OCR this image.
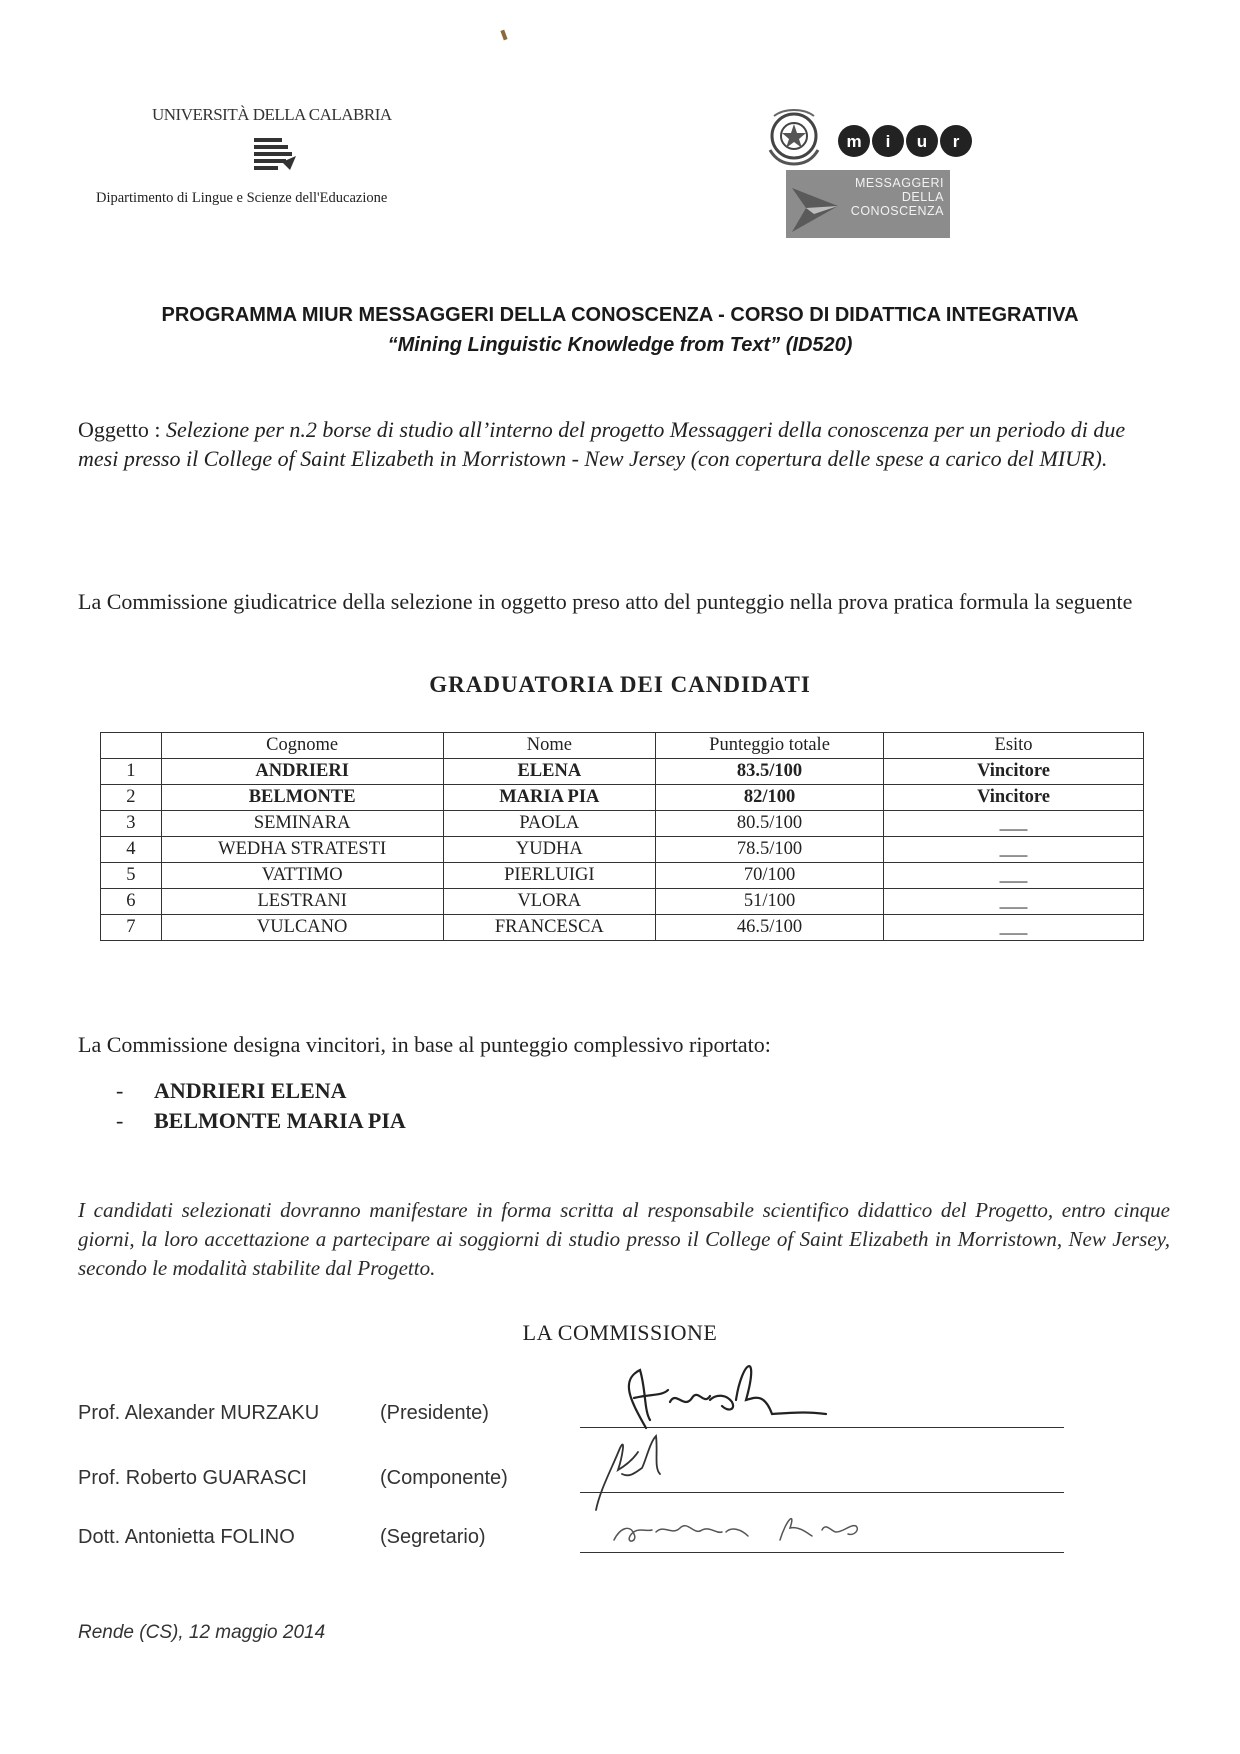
UNIVERSITÀ DELLA CALABRIA
Dipartimento di Lingue e Scienze dell'Educazione
m i u r
MESSAGGERI
DELLA
CONOSCENZA
PROGRAMMA MIUR MESSAGGERI DELLA CONOSCENZA - CORSO DI DIDATTICA INTEGRATIVA
“Mining Linguistic Knowledge from Text” (ID520)
Oggetto : Selezione per n.2 borse di studio all’interno del progetto Messaggeri della conoscenza per un periodo di due mesi presso il College of Saint Elizabeth in Morristown - New Jersey (con copertura delle spese a carico del MIUR).
La Commissione giudicatrice della selezione in oggetto preso atto del punteggio nella prova pratica formula la seguente
GRADUATORIA DEI CANDIDATI
	Cognome	Nome	Punteggio totale	Esito
1	ANDRIERI	ELENA	83.5/100	Vincitore
2	BELMONTE	MARIA PIA	82/100	Vincitore
3	SEMINARA	PAOLA	80.5/100	___
4	WEDHA STRATESTI	YUDHA	78.5/100	___
5	VATTIMO	PIERLUIGI	70/100	___
6	LESTRANI	VLORA	51/100	___
7	VULCANO	FRANCESCA	46.5/100	___
La Commissione designa vincitori, in base al punteggio complessivo riportato:
- ANDRIERI ELENA
- BELMONTE MARIA PIA
I candidati selezionati dovranno manifestare in forma scritta al responsabile scientifico didattico del Progetto, entro cinque giorni, la loro accettazione a partecipare ai soggiorni di studio presso il College of Saint Elizabeth in Morristown, New Jersey, secondo le modalità stabilite dal Progetto.
LA COMMISSIONE
Prof. Alexander MURZAKU	(Presidente)
Prof. Roberto GUARASCI	(Componente)
Dott. Antonietta FOLINO	(Segretario)
Rende (CS), 12 maggio 2014
